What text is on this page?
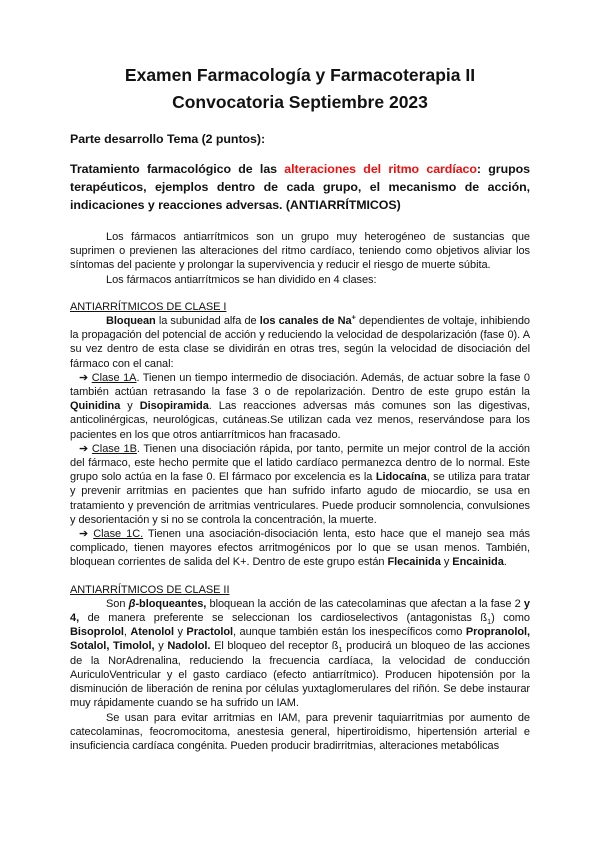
Examen Farmacología y Farmacoterapia II
Convocatoria Septiembre 2023
Parte desarrollo Tema (2 puntos):
Tratamiento farmacológico de las alteraciones del ritmo cardíaco: grupos terapéuticos, ejemplos dentro de cada grupo, el mecanismo de acción, indicaciones y reacciones adversas. (ANTIARRÍTMICOS)
Los fármacos antiarrítmicos son un grupo muy heterogéneo de sustancias que suprimen o previenen las alteraciones del ritmo cardíaco, teniendo como objetivos aliviar los síntomas del paciente y prolongar la supervivencia y reducir el riesgo de muerte súbita.
Los fármacos antiarrítmicos se han dividido en 4 clases:
ANTIARRÍTMICOS DE CLASE I
Bloquean la subunidad alfa de los canales de Na+ dependientes de voltaje, inhibiendo la propagación del potencial de acción y reduciendo la velocidad de despolarización (fase 0). A su vez dentro de esta clase se dividirán en otras tres, según la velocidad de disociación del fármaco con el canal:
➔ Clase 1A. Tienen un tiempo intermedio de disociación. Además, de actuar sobre la fase 0 también actúan retrasando la fase 3 o de repolarización. Dentro de este grupo están la Quinidina y Disopiramida. Las reacciones adversas más comunes son las digestivas, anticolinérgicas, neurológicas, cutáneas.Se utilizan cada vez menos, reservándose para los pacientes en los que otros antiarrítmicos han fracasado.
➔ Clase 1B. Tienen una disociación rápida, por tanto, permite un mejor control de la acción del fármaco, este hecho permite que el latido cardíaco permanezca dentro de lo normal. Este grupo solo actúa en la fase 0. El fármaco por excelencia es la Lidocaína, se utiliza para tratar y prevenir arritmias en pacientes que han sufrido infarto agudo de miocardio, se usa en tratamiento y prevención de arritmias ventriculares. Puede producir somnolencia, convulsiones y desorientación y si no se controla la concentración, la muerte.
➔ Clase 1C. Tienen una asociación-disociación lenta, esto hace que el manejo sea más complicado, tienen mayores efectos arritmogénicos por lo que se usan menos. También, bloquean corrientes de salida del K+. Dentro de este grupo están Flecainida y Encainida.
ANTIARRÍTMICOS DE CLASE II
Son β-bloqueantes, bloquean la acción de las catecolaminas que afectan a la fase 2 y 4, de manera preferente se seleccionan los cardioselectivos (antagonistas $ß_1$) como Bisoprolol, Atenolol y Practolol, aunque también están los inespecíficos como Propranolol, Sotalol, Timolol, y Nadolol. El bloqueo del receptor $ß_1$ producirá un bloqueo de las acciones de la NorAdrenalina, reduciendo la frecuencia cardíaca, la velocidad de conducción AuriculoVentricular y el gasto cardiaco (efecto antiarrítmico). Producen hipotensión por la disminución de liberación de renina por células yuxtaglomerulares del riñón. Se debe instaurar muy rápidamente cuando se ha sufrido un IAM.
Se usan para evitar arritmias en IAM, para prevenir taquiarritmias por aumento de catecolaminas, feocromocitoma, anestesia general, hipertiroidismo, hipertensión arterial e insuficiencia cardíaca congénita. Pueden producir bradirritmias, alteraciones metabólicas
